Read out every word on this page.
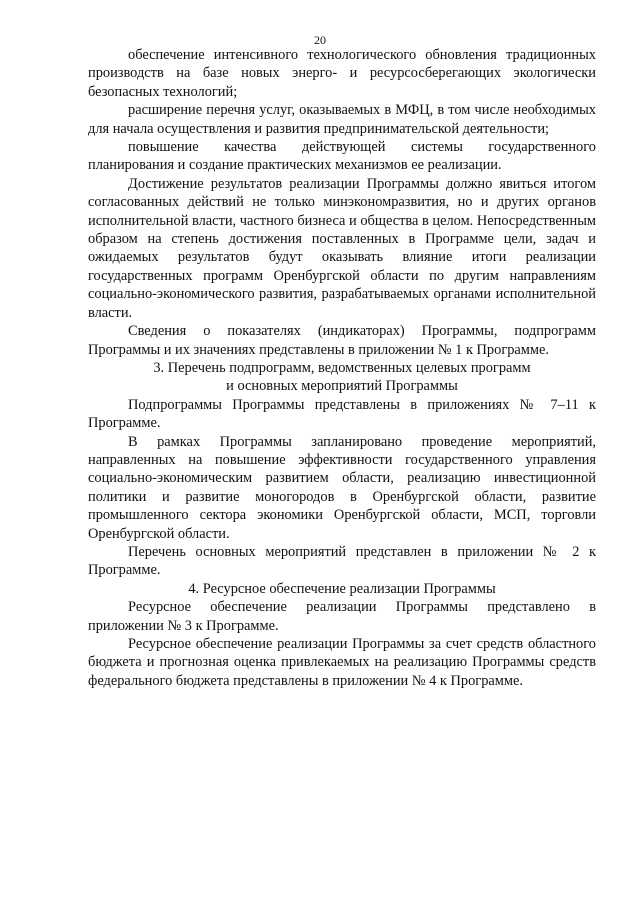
20

обеспечение интенсивного технологического обновления традиционных производств на базе новых энерго- и ресурсосберегающих экологически безопасных технологий;

расширение перечня услуг, оказываемых в МФЦ, в том числе необходимых для начала осуществления и развития предпринимательской деятельности;

повышение качества действующей системы государственного планирования и создание практических механизмов ее реализации.

Достижение результатов реализации Программы должно явиться итогом согласованных действий не только минэкономразвития, но и других органов исполнительной власти, частного бизнеса и общества в целом. Непосредственным образом на степень достижения поставленных в Программе цели, задач и ожидаемых результатов будут оказывать влияние итоги реализации государственных программ Оренбургской области по другим направлениям социально-экономического развития, разрабатываемых органами исполнительной власти.

Сведения о показателях (индикаторах) Программы, подпрограмм Программы и их значениях представлены в приложении № 1 к Программе.

3. Перечень подпрограмм, ведомственных целевых программ
и основных мероприятий Программы

Подпрограммы Программы представлены в приложениях № 7–11 к Программе.

В рамках Программы запланировано проведение мероприятий, направленных на повышение эффективности государственного управления социально-экономическим развитием области, реализацию инвестиционной политики и развитие моногородов в Оренбургской области, развитие промышленного сектора экономики Оренбургской области, МСП, торговли Оренбургской области.

Перечень основных мероприятий представлен в приложении № 2 к Программе.

4. Ресурсное обеспечение реализации Программы

Ресурсное обеспечение реализации Программы представлено в приложении № 3 к Программе.

Ресурсное обеспечение реализации Программы за счет средств областного бюджета и прогнозная оценка привлекаемых на реализацию Программы средств федерального бюджета представлены в приложении № 4 к Программе.
